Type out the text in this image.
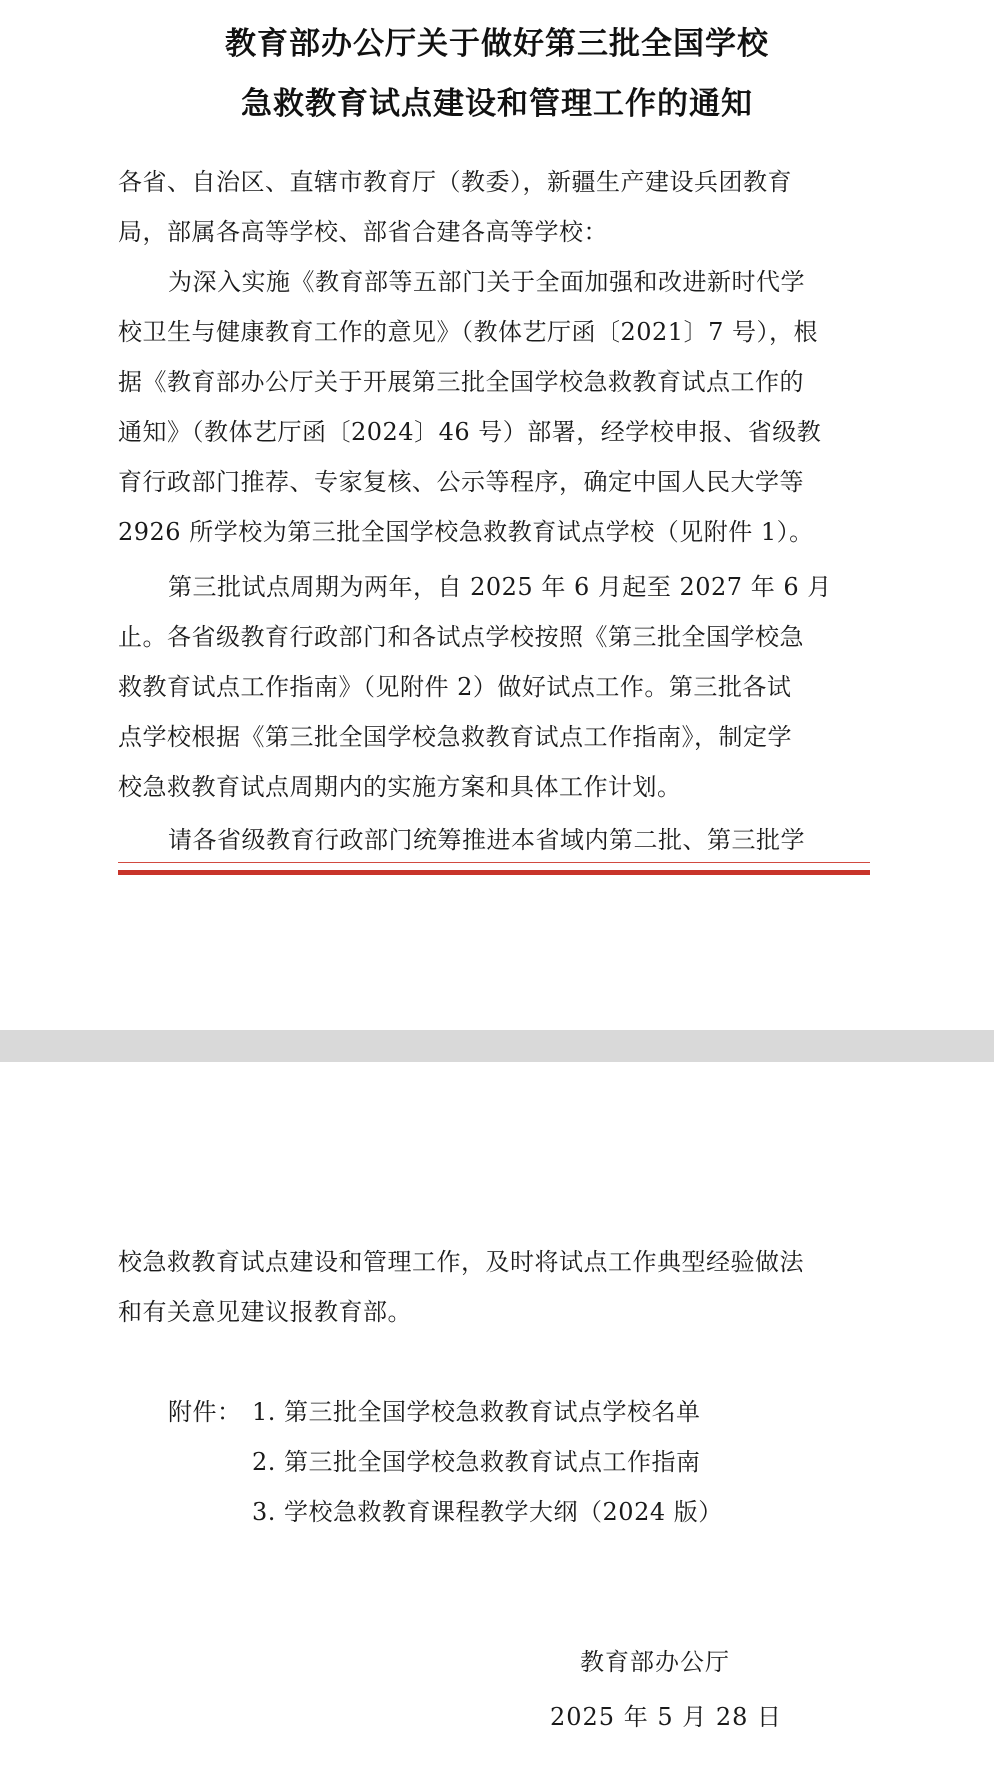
教育部办公厅关于做好第三批全国学校
急救教育试点建设和管理工作的通知
各省、自治区、直辖市教育厅（教委），新疆生产建设兵团教育
局，部属各高等学校、部省合建各高等学校：
为深入实施《教育部等五部门关于全面加强和改进新时代学
校卫生与健康教育工作的意见》（教体艺厅函〔2021〕7 号），根
据《教育部办公厅关于开展第三批全国学校急救教育试点工作的
通知》（教体艺厅函〔2024〕46 号）部署，经学校申报、省级教
育行政部门推荐、专家复核、公示等程序，确定中国人民大学等
2926 所学校为第三批全国学校急救教育试点学校（见附件 1）。
第三批试点周期为两年，自 2025 年 6 月起至 2027 年 6 月
止。各省级教育行政部门和各试点学校按照《第三批全国学校急
救教育试点工作指南》（见附件 2）做好试点工作。第三批各试
点学校根据《第三批全国学校急救教育试点工作指南》，制定学
校急救教育试点周期内的实施方案和具体工作计划。
请各省级教育行政部门统筹推进本省域内第二批、第三批学
校急救教育试点建设和管理工作，及时将试点工作典型经验做法
和有关意见建议报教育部。
附件： 1. 第三批全国学校急救教育试点学校名单
2. 第三批全国学校急救教育试点工作指南
3. 学校急救教育课程教学大纲（2024 版）
教育部办公厅
2025 年 5 月 28 日
